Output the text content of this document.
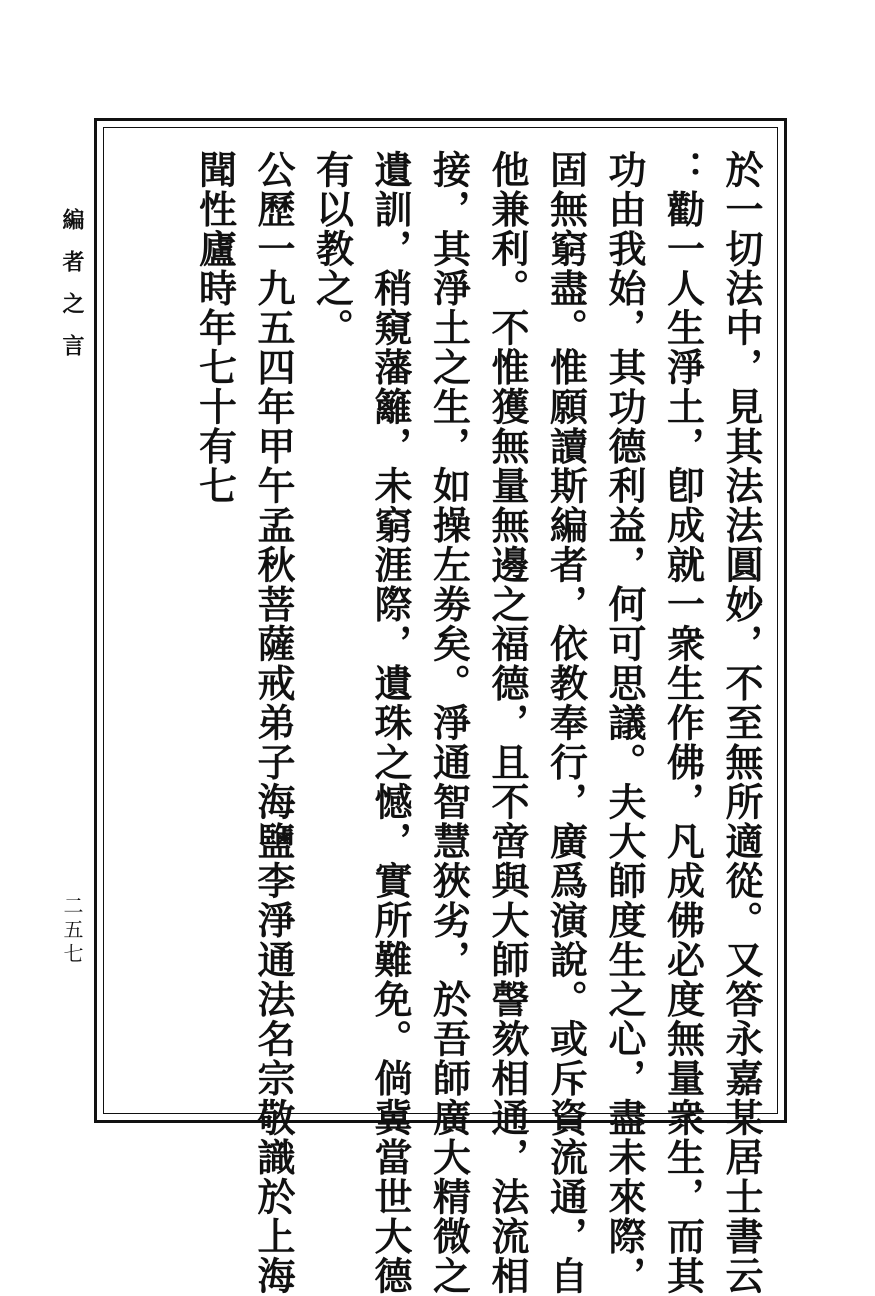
編者之言
二五七	於一切法中，見其法法圓妙，不至無所適從。又答永嘉某居士書云
：勸一人生淨土，卽成就一衆生作佛，凡成佛必度無量衆生，而其
功由我始，其功德利益，何可思議。夫大師度生之心，盡未來際，
固無窮盡。惟願讀斯編者，依教奉行，廣爲演說。或斥資流通，自
他兼利。不惟獲無量無邊之福德，且不啻與大師謦欬相通，法流相
接，其淨土之生，如操左劵矣。淨通智慧狹劣，於吾師廣大精微之
遺訓，稍窺藩籬，未窮涯際，遺珠之憾，實所難免。倘冀當世大德
有以教之。
公歷一九五四年甲午孟秋菩薩戒弟子海鹽李淨通法名宗敬識於上海
聞性廬時年七十有七
